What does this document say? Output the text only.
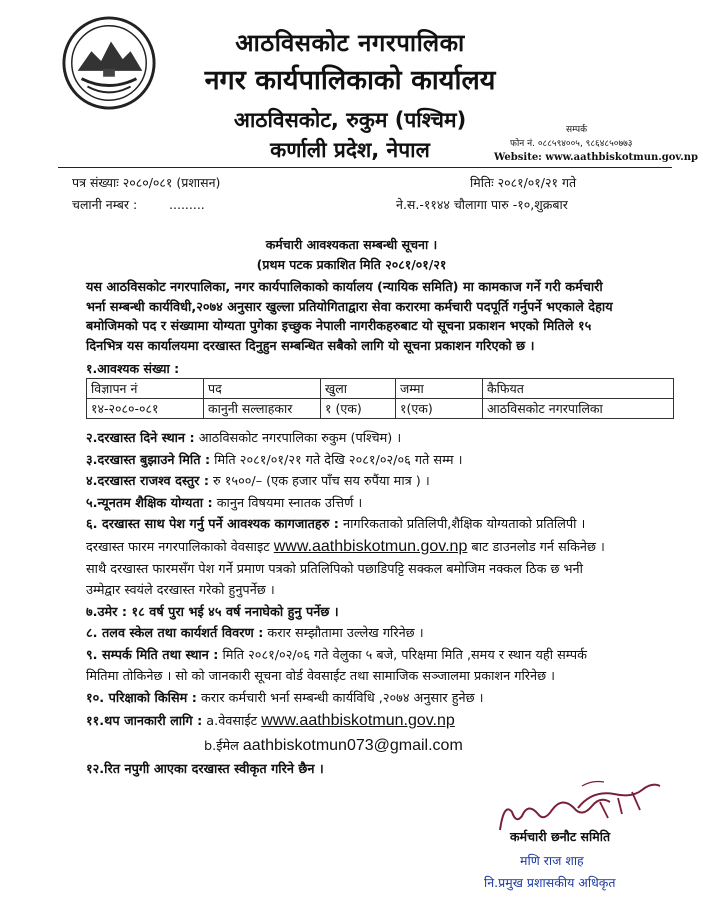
आठविसकोट नगरपालिका
नगर कार्यपालिकाको कार्यालय
आठविसकोट, रुकुम (पश्चिम)
कर्णाली प्रदेश, नेपाल
सम्पर्क
फोन नं. ०८८५९४००५, ९८६४८५०७७३
Website: www.aathbiskotmun.gov.np
पत्र संख्याः २०८०/०८१ (प्रशासन)	मितिः २०८१/०१/२१ गते
चलानी नम्बर :        .........	ने.स.-११४४ चौलागा पारु -१०,शुक्रबार
कर्मचारी आवश्यकता सम्बन्धी सूचना ।
(प्रथम पटक प्रकाशित मिति २०८१/०१/२१
यस आठविसकोट नगरपालिका, नगर कार्यपालिकाको कार्यालय (न्यायिक समिति) मा कामकाज गर्ने गरी कर्मचारी
भर्ना सम्बन्धी कार्यविधी,२०७४ अनुसार खुल्ला प्रतियोगिताद्वारा सेवा करारमा कर्मचारी पदपूर्ति गर्नुपर्ने भएकाले देहाय
बमोजिमको पद र संख्यामा योग्यता पुगेका इच्छुक नेपाली नागरीकहरुबाट यो सूचना प्रकाशन भएको मितिले १५
दिनभित्र यस कार्यालयमा दरखास्त दिनुहुन सम्बन्धित सबैको लागि यो सूचना प्रकाशन गरिएको छ ।
१.आवश्यक संख्या :
विज्ञापन नं	पद	खुला	जम्मा	कैफियत
१४-२०८०-०८१	कानुनी सल्लाहकार	१ (एक)	१(एक)	आठविसकोट नगरपालिका
२.दरखास्त दिने स्थान : आठविसकोट नगरपालिका रुकुम (पश्चिम) ।
३.दरखास्त बुझाउने मिति : मिति २०८१/०१/२१ गते देखि २०८१/०२/०६ गते सम्म ।
४.दरखास्त राजश्व दस्तुर : रु १५००/– (एक हजार पाँच सय रुपैंया मात्र ) ।
५.न्यूनतम शैक्षिक योग्यता : कानुन विषयमा स्नातक उत्तिर्ण ।
६. दरखास्त साथ पेश गर्नु पर्ने आवश्यक कागजातहरु : नागरिकताको प्रतिलिपी,शैक्षिक योग्यताको प्रतिलिपी ।
दरखास्त फारम नगरपालिकाको वेवसाइट www.aathbiskotmun.gov.np बाट डाउनलोड गर्न सकिनेछ ।
साथै दरखास्त फारमसँग पेश गर्ने प्रमाण पत्रको प्रतिलिपिको पछाडिपट्टि सक्कल बमोजिम नक्कल ठिक छ भनी
उम्मेद्वार स्वयंले दरखास्त गरेको हुनुपर्नेछ ।
७.उमेर : १८ वर्ष पुरा भई ४५ वर्ष ननाघेको हुनु पर्नेछ ।
८. तलव स्केल तथा कार्यशर्त विवरण : करार सम्झौतामा उल्लेख गरिनेछ ।
९. सम्पर्क मिति तथा स्थान : मिति २०८१/०२/०६ गते वेलुका ५ बजे, परिक्षमा मिति ,समय र स्थान यही सम्पर्क
मितिमा तोकिनेछ । सो को जानकारी सूचना वोर्ड वेवसाईट तथा सामाजिक सञ्जालमा प्रकाशन गरिनेछ ।
१०. परिक्षाको किसिम : करार कर्मचारी भर्ना सम्बन्धी कार्यविधि ,२०७४ अनुसार हुनेछ ।
११.थप जानकारी लागि : a.वेवसाईट www.aathbiskotmun.gov.np
b.ईमेल aathbiskotmun073@gmail.com
१२.रित नपुगी आएका दरखास्त स्वीकृत गरिने छैन ।
कर्मचारी छनौट समिति
मणि राज शाह
नि.प्रमुख प्रशासकीय अधिकृत
